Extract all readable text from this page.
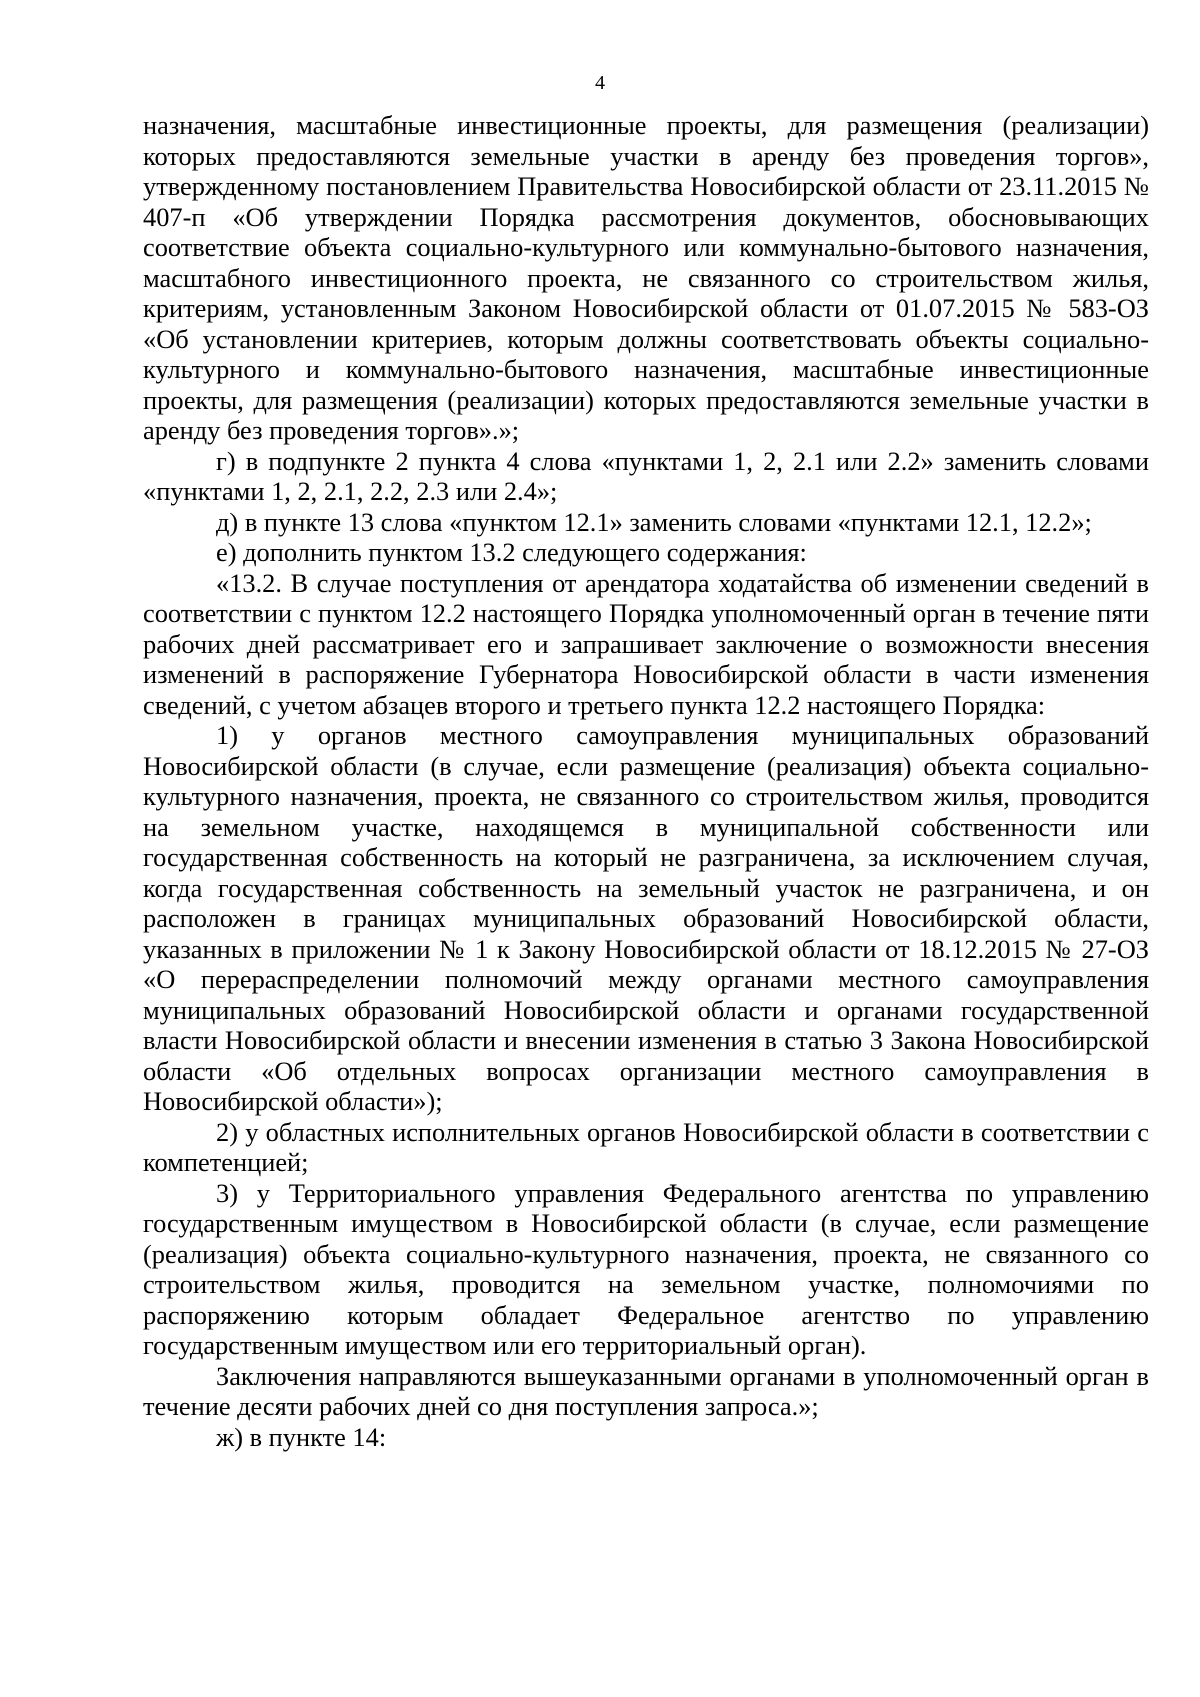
4

назначения, масштабные инвестиционные проекты, для размещения (реализации) которых предоставляются земельные участки в аренду без проведения торгов», утвержденному постановлением Правительства Новосибирской области от 23.11.2015 № 407-п «Об утверждении Порядка рассмотрения документов, обосновывающих соответствие объекта социально-культурного или коммунально-бытового назначения, масштабного инвестиционного проекта, не связанного со строительством жилья, критериям, установленным Законом Новосибирской области от 01.07.2015 № 583-ОЗ «Об установлении критериев, которым должны соответствовать объекты социально-культурного и коммунально-бытового назначения, масштабные инвестиционные проекты, для размещения (реализации) которых предоставляются земельные участки в аренду без проведения торгов».»;

г) в подпункте 2 пункта 4 слова «пунктами 1, 2, 2.1 или 2.2» заменить словами «пунктами 1, 2, 2.1, 2.2, 2.3 или 2.4»;

д) в пункте 13 слова «пунктом 12.1» заменить словами «пунктами 12.1, 12.2»;

е) дополнить пунктом 13.2 следующего содержания:

«13.2. В случае поступления от арендатора ходатайства об изменении сведений в соответствии с пунктом 12.2 настоящего Порядка уполномоченный орган в течение пяти рабочих дней рассматривает его и запрашивает заключение о возможности внесения изменений в распоряжение Губернатора Новосибирской области в части изменения сведений, с учетом абзацев второго и третьего пункта 12.2 настоящего Порядка:

1) у органов местного самоуправления муниципальных образований Новосибирской области (в случае, если размещение (реализация) объекта социально-культурного назначения, проекта, не связанного со строительством жилья, проводится на земельном участке, находящемся в муниципальной собственности или государственная собственность на который не разграничена, за исключением случая, когда государственная собственность на земельный участок не разграничена, и он расположен в границах муниципальных образований Новосибирской области, указанных в приложении № 1 к Закону Новосибирской области от 18.12.2015 № 27-ОЗ «О перераспределении полномочий между органами местного самоуправления муниципальных образований Новосибирской области и органами государственной власти Новосибирской области и внесении изменения в статью 3 Закона Новосибирской области «Об отдельных вопросах организации местного самоуправления в Новосибирской области»);

2) у областных исполнительных органов Новосибирской области в соответствии с компетенцией;

3) у Территориального управления Федерального агентства по управлению государственным имуществом в Новосибирской области (в случае, если размещение (реализация) объекта социально-культурного назначения, проекта, не связанного со строительством жилья, проводится на земельном участке, полномочиями по распоряжению которым обладает Федеральное агентство по управлению государственным имуществом или его территориальный орган).

Заключения направляются вышеуказанными органами в уполномоченный орган в течение десяти рабочих дней со дня поступления запроса.»;

ж) в пункте 14:
